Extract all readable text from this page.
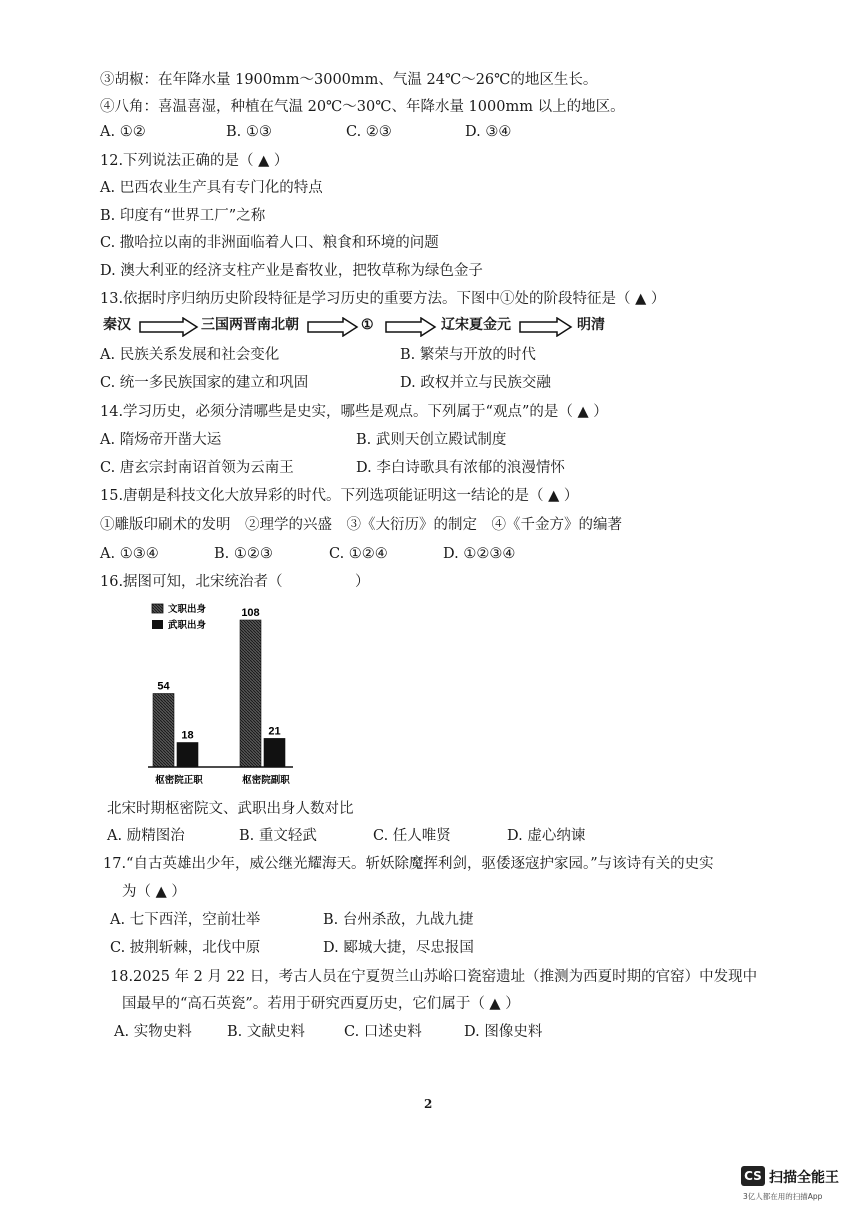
③胡椒：在年降水量 1900mm～3000mm、气温 24℃～26℃的地区生长。
④八角：喜温喜湿，种植在气温 20℃～30℃、年降水量 1000mm 以上的地区。
A. ①②	B. ①③	C. ②③	D. ③④
12.下列说法正确的是（ ▲ ）
A. 巴西农业生产具有专门化的特点
B. 印度有“世界工厂”之称
C. 撒哈拉以南的非洲面临着人口、粮食和环境的问题
D. 澳大利亚的经济支柱产业是畜牧业，把牧草称为绿色金子
13.依据时序归纳历史阶段特征是学习历史的重要方法。下图中①处的阶段特征是（ ▲ ）
秦汉	三国两晋南北朝	①	辽宋夏金元	明清
A. 民族关系发展和社会变化	B. 繁荣与开放的时代
C. 统一多民族国家的建立和巩固	D. 政权并立与民族交融
14.学习历史，必须分清哪些是史实，哪些是观点。下列属于“观点”的是（ ▲ ）
A. 隋炀帝开凿大运	B. 武则天创立殿试制度
C. 唐玄宗封南诏首领为云南王	D. 李白诗歌具有浓郁的浪漫情怀
15.唐朝是科技文化大放异彩的时代。下列选项能证明这一结论的是（ ▲ ）
①雕版印刷术的发明　②理学的兴盛　③《大衍历》的制定　④《千金方》的编著
A. ①③④	B. ①②③	C. ①②④	D. ①②③④
16.据图可知，北宋统治者（　　　　　）
文职出身
武职出身
54
108
18	21
枢密院正职	枢密院副职
北宋时期枢密院文、武职出身人数对比
A. 励精图治	B. 重文轻武	C. 任人唯贤	D. 虚心纳谏
17.“自古英雄出少年，威公继光耀海天。斩妖除魔挥利剑，驱倭逐寇护家园。”与该诗有关的史实
为（ ▲ ）
A. 七下西洋，空前壮举	B. 台州杀敌，九战九捷
C. 披荆斩棘，北伐中原	D. 郾城大捷，尽忠报国
18.2025 年 2 月 22 日，考古人员在宁夏贺兰山苏峪口瓷窑遗址（推测为西夏时期的官窑）中发现中
国最早的“高石英瓷”。若用于研究西夏历史，它们属于（ ▲ ）
A. 实物史料 B. 文献史料	C. 口述史料	D. 图像史料
2
CS 扫描全能王
3亿人都在用的扫描App
